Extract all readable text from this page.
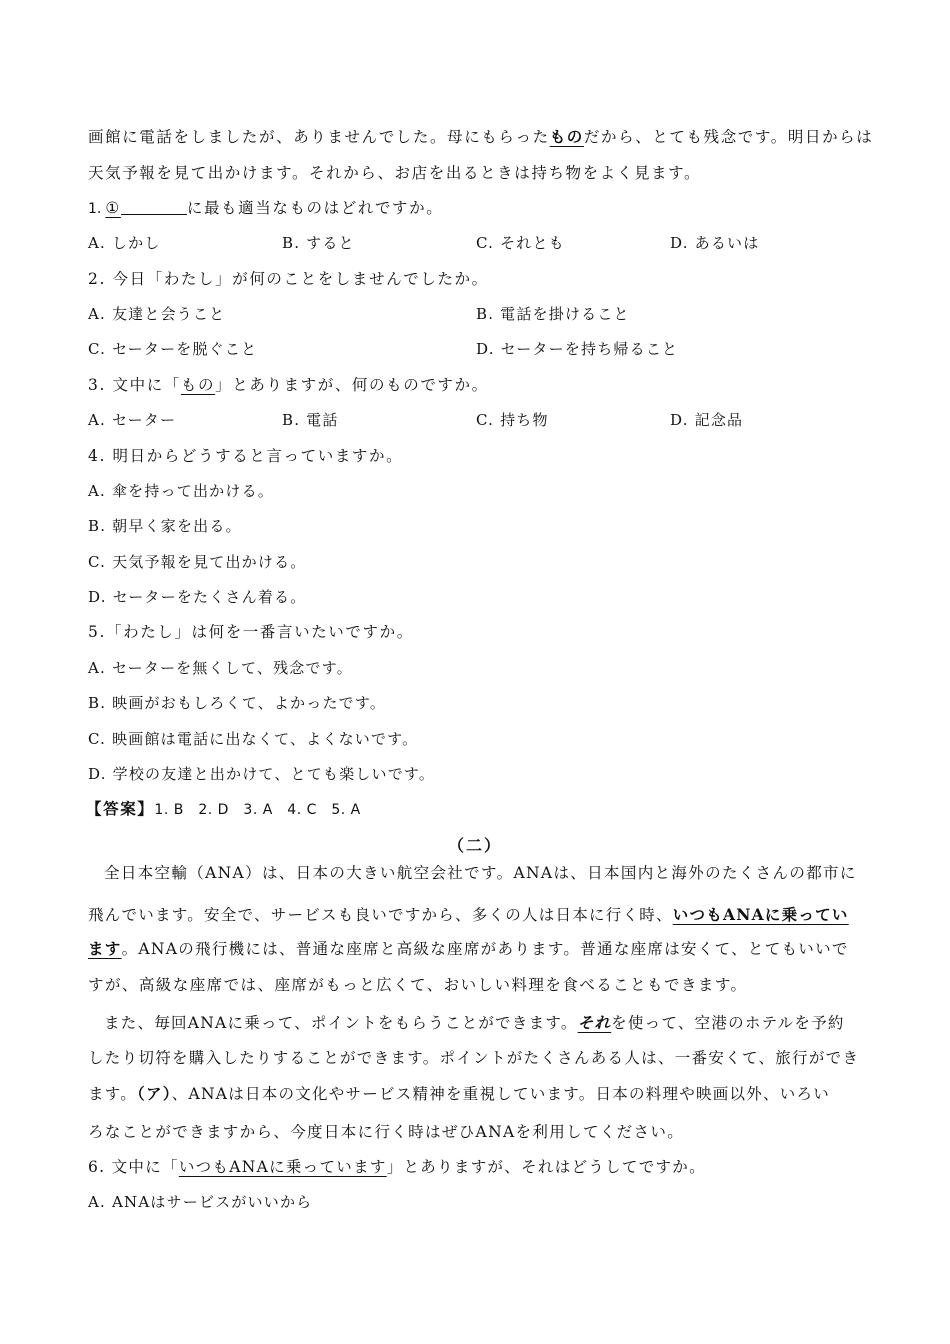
画館に電話をしましたが、ありませんでした。母にもらったものだから、とても残念です。明日からは
天気予報を見て出かけます。それから、お店を出るときは持ち物をよく見ます。
1. ①	に最も適当なものはどれですか。
A. しかし	B. すると	C. それとも	D. あるいは
2. 今日「わたし」が何のことをしませんでしたか。
A. 友達と会うこと	B. 電話を掛けること
C. セーターを脱ぐこと	D. セーターを持ち帰ること
3. 文中に「もの」とありますが、何のものですか。
A. セーター	B. 電話	C. 持ち物	D. 記念品
4. 明日からどうすると言っていますか。
A. 傘を持って出かける。
B. 朝早く家を出る。
C. 天気予報を見て出かける。
D. セーターをたくさん着る。
5.「わたし」は何を一番言いたいですか。
A. セーターを無くして、残念です。
B. 映画がおもしろくて、よかったです。
C. 映画館は電話に出なくて、よくないです。
D. 学校の友達と出かけて、とても楽しいです。
【答案】1. B　2. D　3. A　4. C　5. A
（二）
全日本空輸（ANA）は、日本の大きい航空会社です。ANAは、日本国内と海外のたくさんの都市に
飛んでいます。安全で、サービスも良いですから、多くの人は日本に行く時、いつもANAに乗ってい
ます。ANAの飛行機には、普通な座席と高級な座席があります。普通な座席は安くて、とてもいいで
すが、高級な座席では、座席がもっと広くて、おいしい料理を食べることもできます。
また、毎回ANAに乗って、ポイントをもらうことができます。それを使って、空港のホテルを予約
したり切符を購入したりすることができます。ポイントがたくさんある人は、一番安くて、旅行ができ
ます。（ア）、ANAは日本の文化やサービス精神を重視しています。日本の料理や映画以外、いろい
ろなことができますから、今度日本に行く時はぜひANAを利用してください。
6. 文中に「いつもANAに乗っています」とありますが、それはどうしてですか。
A. ANAはサービスがいいから
